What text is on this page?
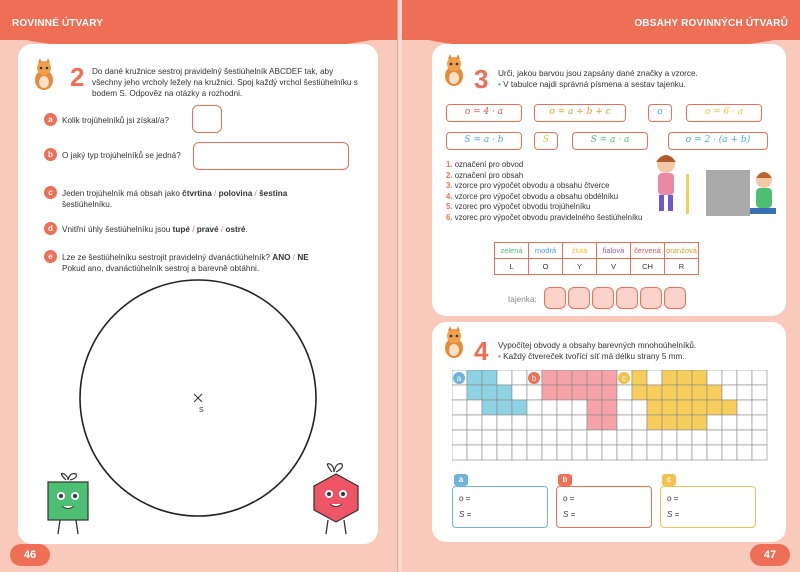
ROVINNÉ ÚTVARY
2 Do dané kružnice sestroj pravidelný šestiúhelník ABCDEF tak, aby všechny jeho vrcholy ležely na kružnici. Spoj každý vrchol šestiúhelníku s bodem S. Odpověz na otázky a rozhodni.
a	Kolik trojúhelníků jsi získal/a?
b	O jaký typ trojúhelníků se jedná?
c	Jeden trojúhelník má obsah jako čtvrtina / polovina / šestina
šestiúhelníku.
d	Vnitřní úhly šestiúhelníku jsou tupé / pravé / ostré.
e	Lze ze šestiúhelníku sestrojit pravidelný dvanáctiúhelník? ANO / NE
Pokud ano, dvanáctiúhelník sestroj a barevně obtáhni.
S
46
OBSAHY ROVINNÝCH ÚTVARŮ
3 Urči, jakou barvou jsou zapsány dané značky a vzorce.
• V tabulce najdi správná písmena a sestav tajenku.
o = 4 · a	o = a + b + c	o	o = 6 · a
S = a · b	S	S = a · a	o = 2 · (a + b)
1. označení pro obvod
2. označení pro obsah
3. vzorce pro výpočet obvodu a obsahu čtverce
4. vzorce pro výpočet obvodu a obsahu obdélníku
5. vzorec pro výpočet obvodu trojúhelníku
6. vzorec pro výpočet obvodu pravidelného šestiúhelníku
zelená	modrá	žlutá	fialová	červená	oranžová
L	O	Y	V	CH	R
tajenka:
4 Vypočítej obvody a obsahy barevných mnohoúhelníků.
• Každý čtvereček tvořící síť má délku strany 5 mm.
a	b	c
a
o =
S =
b
o =
S =
c
o =
S =
47
